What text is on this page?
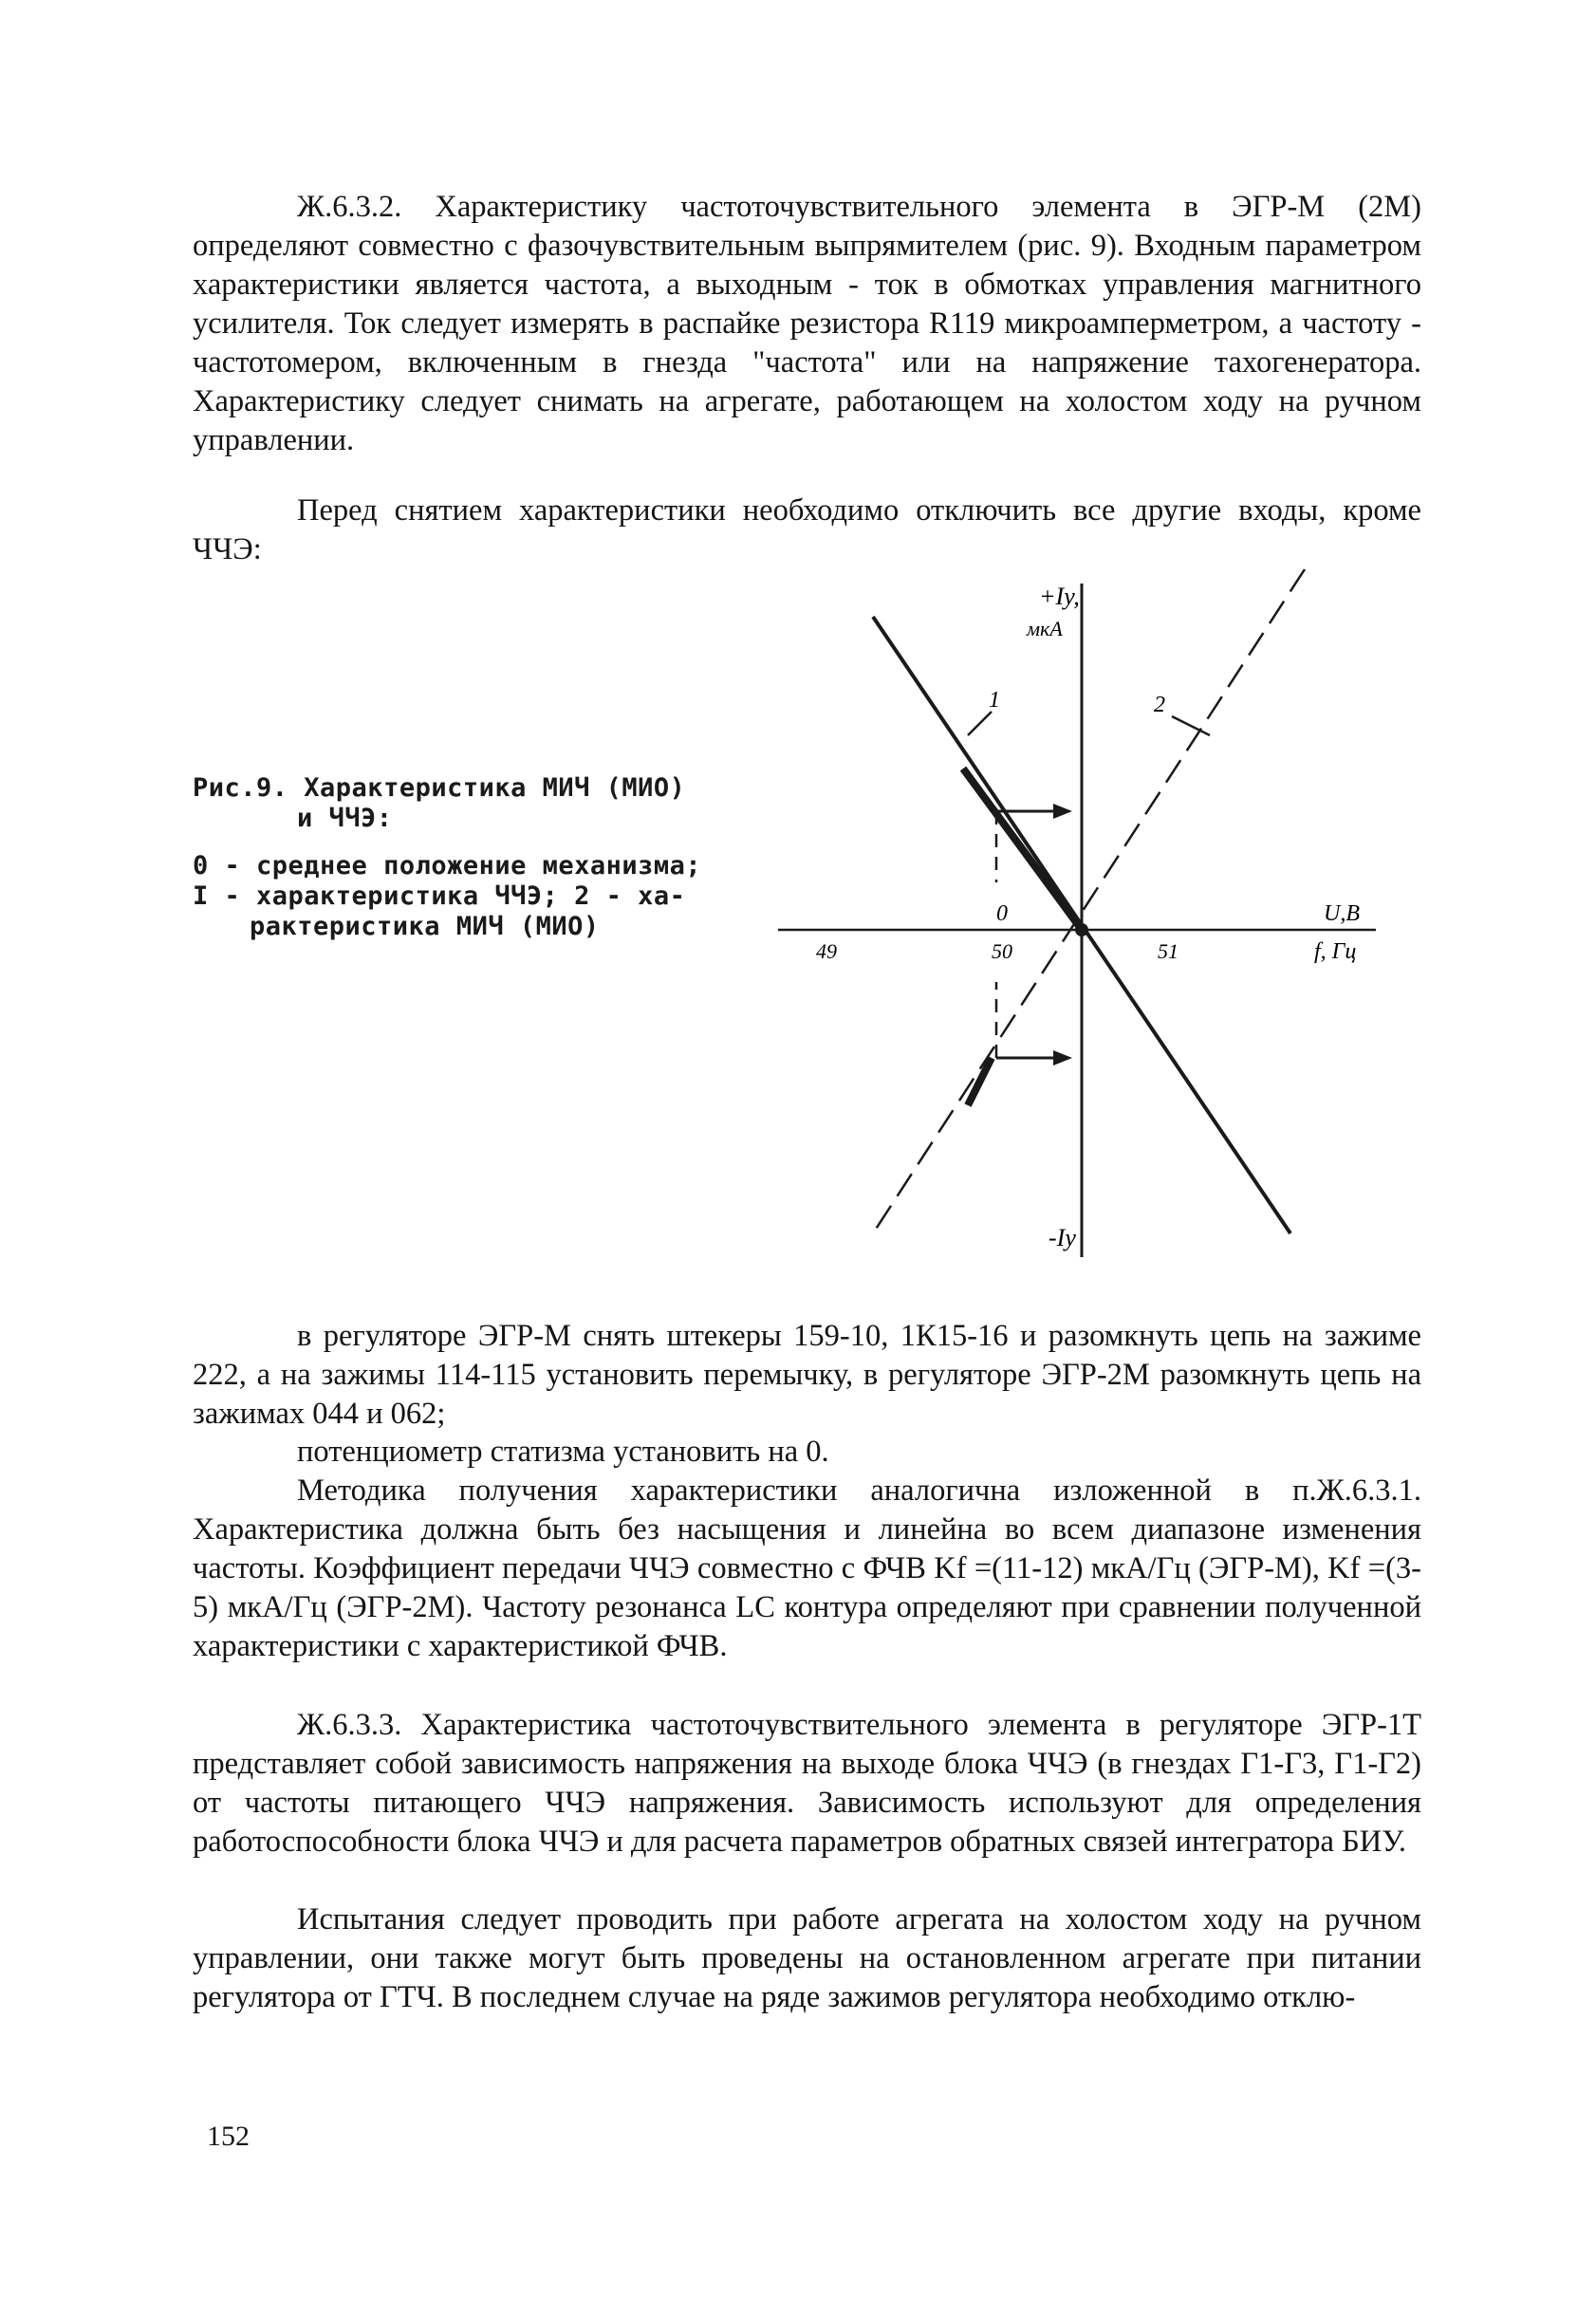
Ж.6.3.2. Характеристику частоточувствительного элемента в ЭГР-М (2М) определяют совместно с фазочувствительным выпрямителем (рис. 9). Входным параметром характеристики является частота, а выходным - ток в обмотках управления магнитного усилителя. Ток следует измерять в распайке резистора R119 микроамперметром, а частоту - частотомером, включенным в гнезда "частота" или на напряжение тахогенератора. Характеристику следует снимать на агрегате, работающем на холостом ходу на ручном управлении.

Перед снятием характеристики необходимо отключить все другие входы, кроме ЧЧЭ:

Рис.9. Характеристика МИЧ (МИО)
и ЧЧЭ:
0 - среднее положение механизма;
I - характеристика ЧЧЭ; 2 - ха-
рактеристика МИЧ (МИО)
+Iy,
мкА
-Iy
U,B
f, Гц
0
49	50	51
1	2

в регуляторе ЭГР-М снять штекеры 159-10, 1К15-16 и разомкнуть цепь на зажиме 222, а на зажимы 114-115 установить перемычку, в регуляторе ЭГР-2М разомкнуть цепь на зажимах 044 и 062;

потенциометр статизма установить на 0.

Методика получения характеристики аналогична изложенной в п.Ж.6.3.1. Характеристика должна быть без насыщения и линейна во всем диапазоне изменения частоты. Коэффициент передачи ЧЧЭ совместно с ФЧВ Kf =(11-12) мкА/Гц (ЭГР-М), Kf =(3-5) мкА/Гц (ЭГР-2М). Частоту резонанса LC контура определяют при сравнении полученной характеристики с характеристикой ФЧВ.

Ж.6.3.3. Характеристика частоточувствительного элемента в регуляторе ЭГР-1Т представляет собой зависимость напряжения на выходе блока ЧЧЭ (в гнездах Г1-Г3, Г1-Г2) от частоты питающего ЧЧЭ напряжения. Зависимость используют для определения работоспособности блока ЧЧЭ и для расчета параметров обратных связей интегратора БИУ.

Испытания следует проводить при работе агрегата на холостом ходу на ручном управлении, они также могут быть проведены на остановленном агрегате при питании регулятора от ГТЧ. В последнем случае на ряде зажимов регулятора необходимо отклю-

152
